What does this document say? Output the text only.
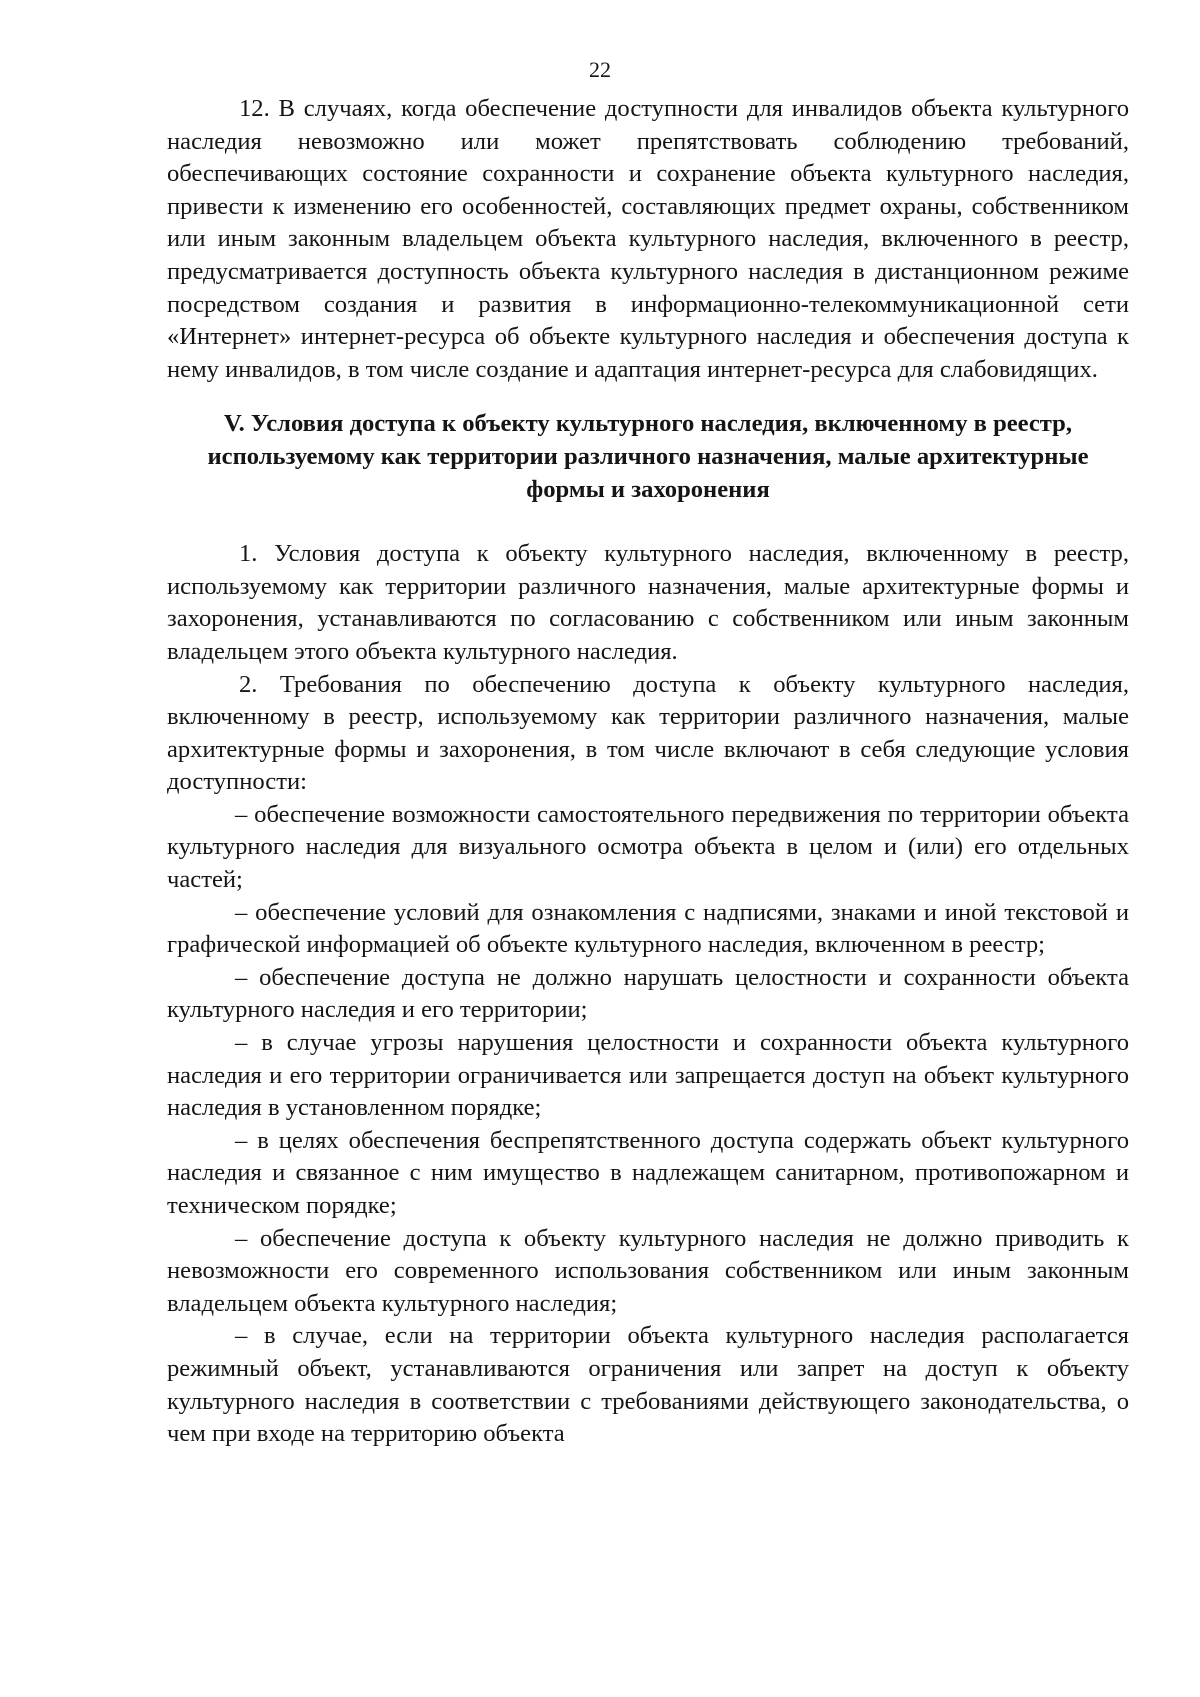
22

12. В случаях, когда обеспечение доступности для инвалидов объекта культурного наследия невозможно или может препятствовать соблюдению требований, обеспечивающих состояние сохранности и сохранение объекта культурного наследия, привести к изменению его особенностей, составляющих предмет охраны, собственником или иным законным владельцем объекта культурного наследия, включенного в реестр, предусматривается доступность объекта культурного наследия в дистанционном режиме посредством создания и развития в информационно-телекоммуникационной сети «Интернет» интернет-ресурса об объекте культурного наследия и обеспечения доступа к нему инвалидов, в том числе создание и адаптация интернет-ресурса для слабовидящих.

V. Условия доступа к объекту культурного наследия, включенному в реестр, используемому как территории различного назначения, малые архитектурные формы и захоронения

1. Условия доступа к объекту культурного наследия, включенному в реестр, используемому как территории различного назначения, малые архитектурные формы и захоронения, устанавливаются по согласованию с собственником или иным законным владельцем этого объекта культурного наследия.

2. Требования по обеспечению доступа к объекту культурного наследия, включенному в реестр, используемому как территории различного назначения, малые архитектурные формы и захоронения, в том числе включают в себя следующие условия доступности:

– обеспечение возможности самостоятельного передвижения по территории объекта культурного наследия для визуального осмотра объекта в целом и (или) его отдельных частей;

– обеспечение условий для ознакомления с надписями, знаками и иной текстовой и графической информацией об объекте культурного наследия, включенном в реестр;

– обеспечение доступа не должно нарушать целостности и сохранности объекта культурного наследия и его территории;

– в случае угрозы нарушения целостности и сохранности объекта культурного наследия и его территории ограничивается или запрещается доступ на объект культурного наследия в установленном порядке;

– в целях обеспечения беспрепятственного доступа содержать объект культурного наследия и связанное с ним имущество в надлежащем санитарном, противопожарном и техническом порядке;

– обеспечение доступа к объекту культурного наследия не должно приводить к невозможности его современного использования собственником или иным законным владельцем объекта культурного наследия;

– в случае, если на территории объекта культурного наследия располагается режимный объект, устанавливаются ограничения или запрет на доступ к объекту культурного наследия в соответствии с требованиями действующего законодательства, о чем при входе на территорию объекта
